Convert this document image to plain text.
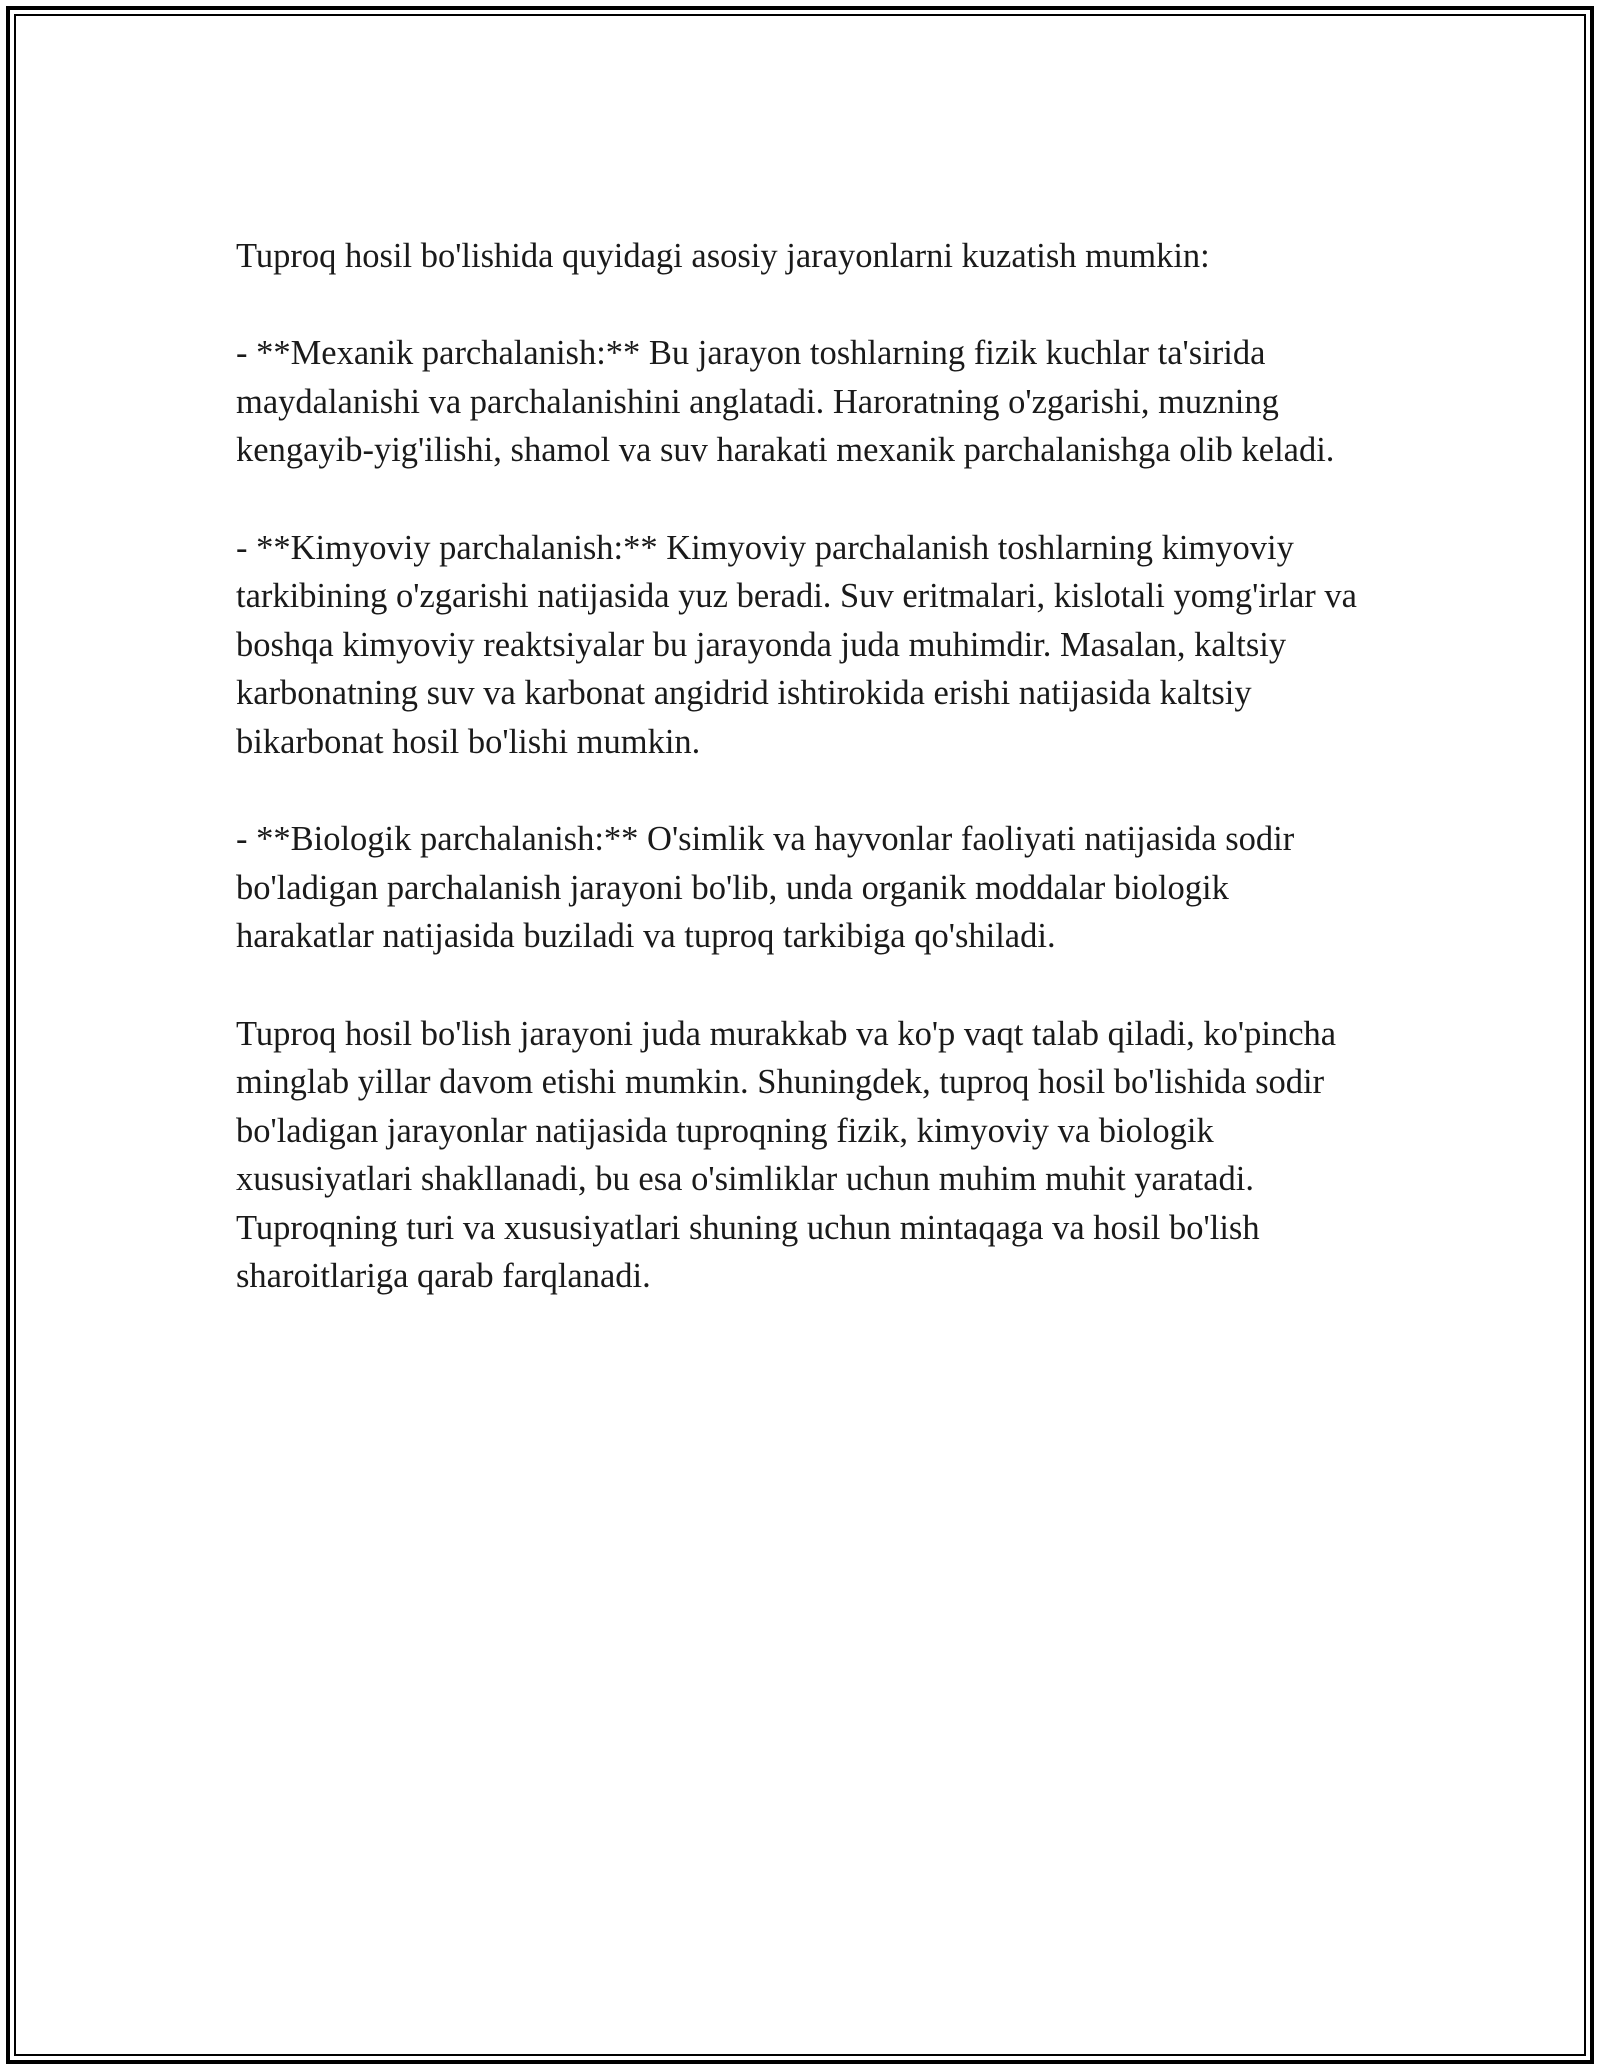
Tuproq hosil bo'lishida quyidagi asosiy jarayonlarni kuzatish mumkin:

- **Mexanik parchalanish:** Bu jarayon toshlarning fizik kuchlar ta'sirida maydalanishi va parchalanishini anglatadi. Haroratning o'zgarishi, muzning kengayib-yig'ilishi, shamol va suv harakati mexanik parchalanishga olib keladi.

- **Kimyoviy parchalanish:** Kimyoviy parchalanish toshlarning kimyoviy tarkibining o'zgarishi natijasida yuz beradi. Suv eritmalari, kislotali yomg'irlar va boshqa kimyoviy reaktsiyalar bu jarayonda juda muhimdir. Masalan, kaltsiy karbonatning suv va karbonat angidrid ishtirokida erishi natijasida kaltsiy bikarbonat hosil bo'lishi mumkin.

- **Biologik parchalanish:** O'simlik va hayvonlar faoliyati natijasida sodir bo'ladigan parchalanish jarayoni bo'lib, unda organik moddalar biologik harakatlar natijasida buziladi va tuproq tarkibiga qo'shiladi.

Tuproq hosil bo'lish jarayoni juda murakkab va ko'p vaqt talab qiladi, ko'pincha minglab yillar davom etishi mumkin. Shuningdek, tuproq hosil bo'lishida sodir bo'ladigan jarayonlar natijasida tuproqning fizik, kimyoviy va biologik xususiyatlari shakllanadi, bu esa o'simliklar uchun muhim muhit yaratadi. Tuproqning turi va xususiyatlari shuning uchun mintaqaga va hosil bo'lish sharoitlariga qarab farqlanadi.
